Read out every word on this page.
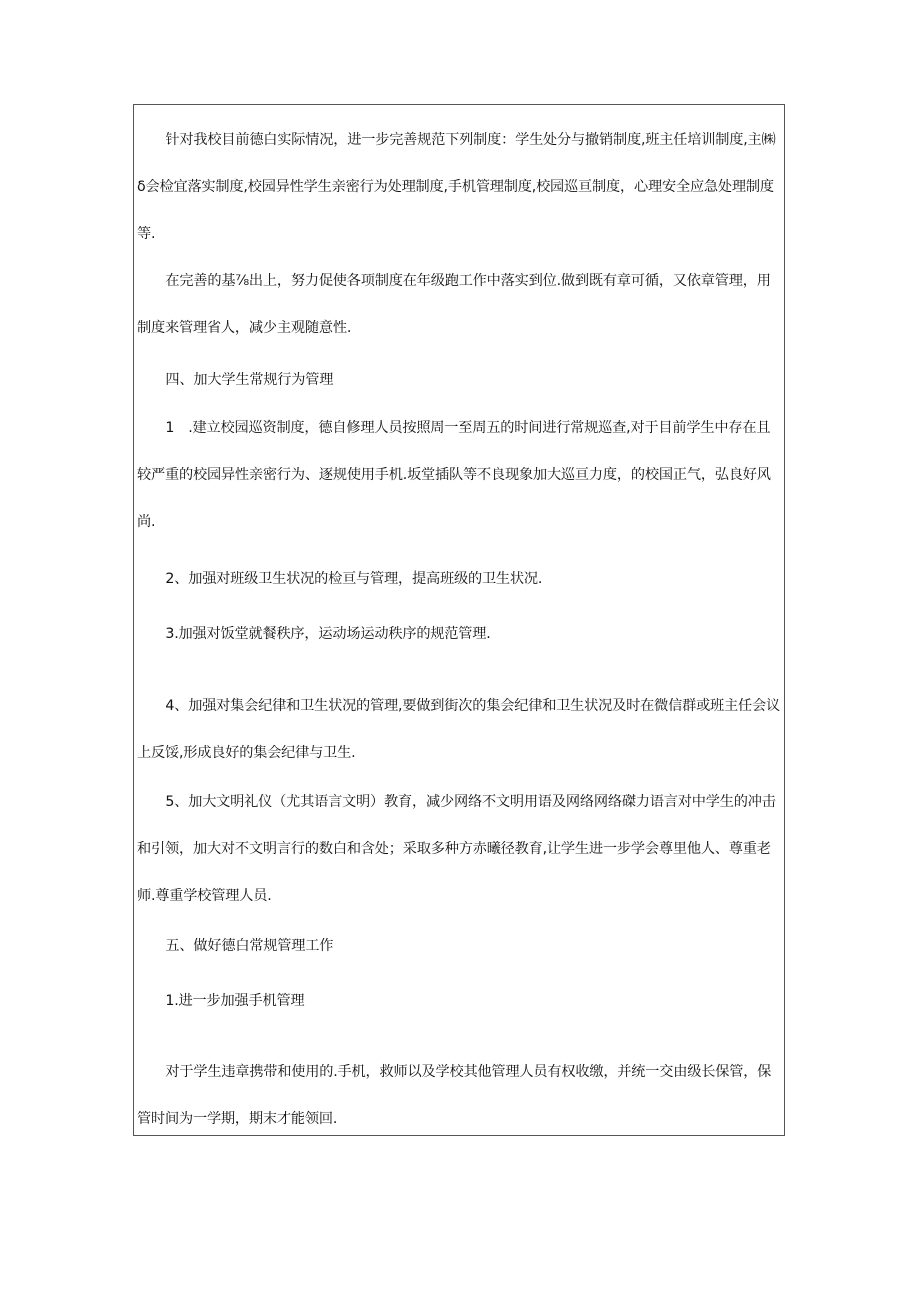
针对我校目前德白实际情况，进一步完善规范下列制度：学生处分与撤销制度,班主任培训制度,主㈱δ会检宜落实制度,校园异性学生亲密行为处理制度,手机管理制度,校园巡亘制度，心理安全应急处理制度等.

在完善的基⅞出上，努力促使各项制度在年级跑工作中落实到位.做到既有章可循，又依章管理，用制度来管理省人，减少主观随意性.

四、加大学生常规行为管理

1　.建立校园巡资制度，德自修理人员按照周一至周五的时间进行常规巡查,对于目前学生中存在且较严重的校园异性亲密行为、逐规使用手机.坂堂插队等不良现象加大巡亘力度，的校国正气，弘良好风尚.

2、加强对班级卫生状况的检亘与管理，提高班级的卫生状况.

3.加强对饭堂就餐秩序，运动场运动秩序的规范管理.

4、加强对集会纪律和卫生状况的管理,要做到街次的集会纪律和卫生状况及时在微信群或班主任会议上反馁,形成良好的集会纪律与卫生.

5、加大文明礼仪（尤其语言文明）教育，减少网络不文明用语及网络网络磔力语言对中学生的冲击和引领，加大对不文明言行的数白和含处；采取多种方赤曦径教育,让学生进一步学会尊里他人、尊重老师.尊重学校管理人员.

五、做好德白常规管理工作

1.进一步加强手机管理

对于学生违章携带和使用的.手机，救师以及学校其他管理人员有权收缴，并统一交由级长保管，保管时间为一学期，期末才能领回.
